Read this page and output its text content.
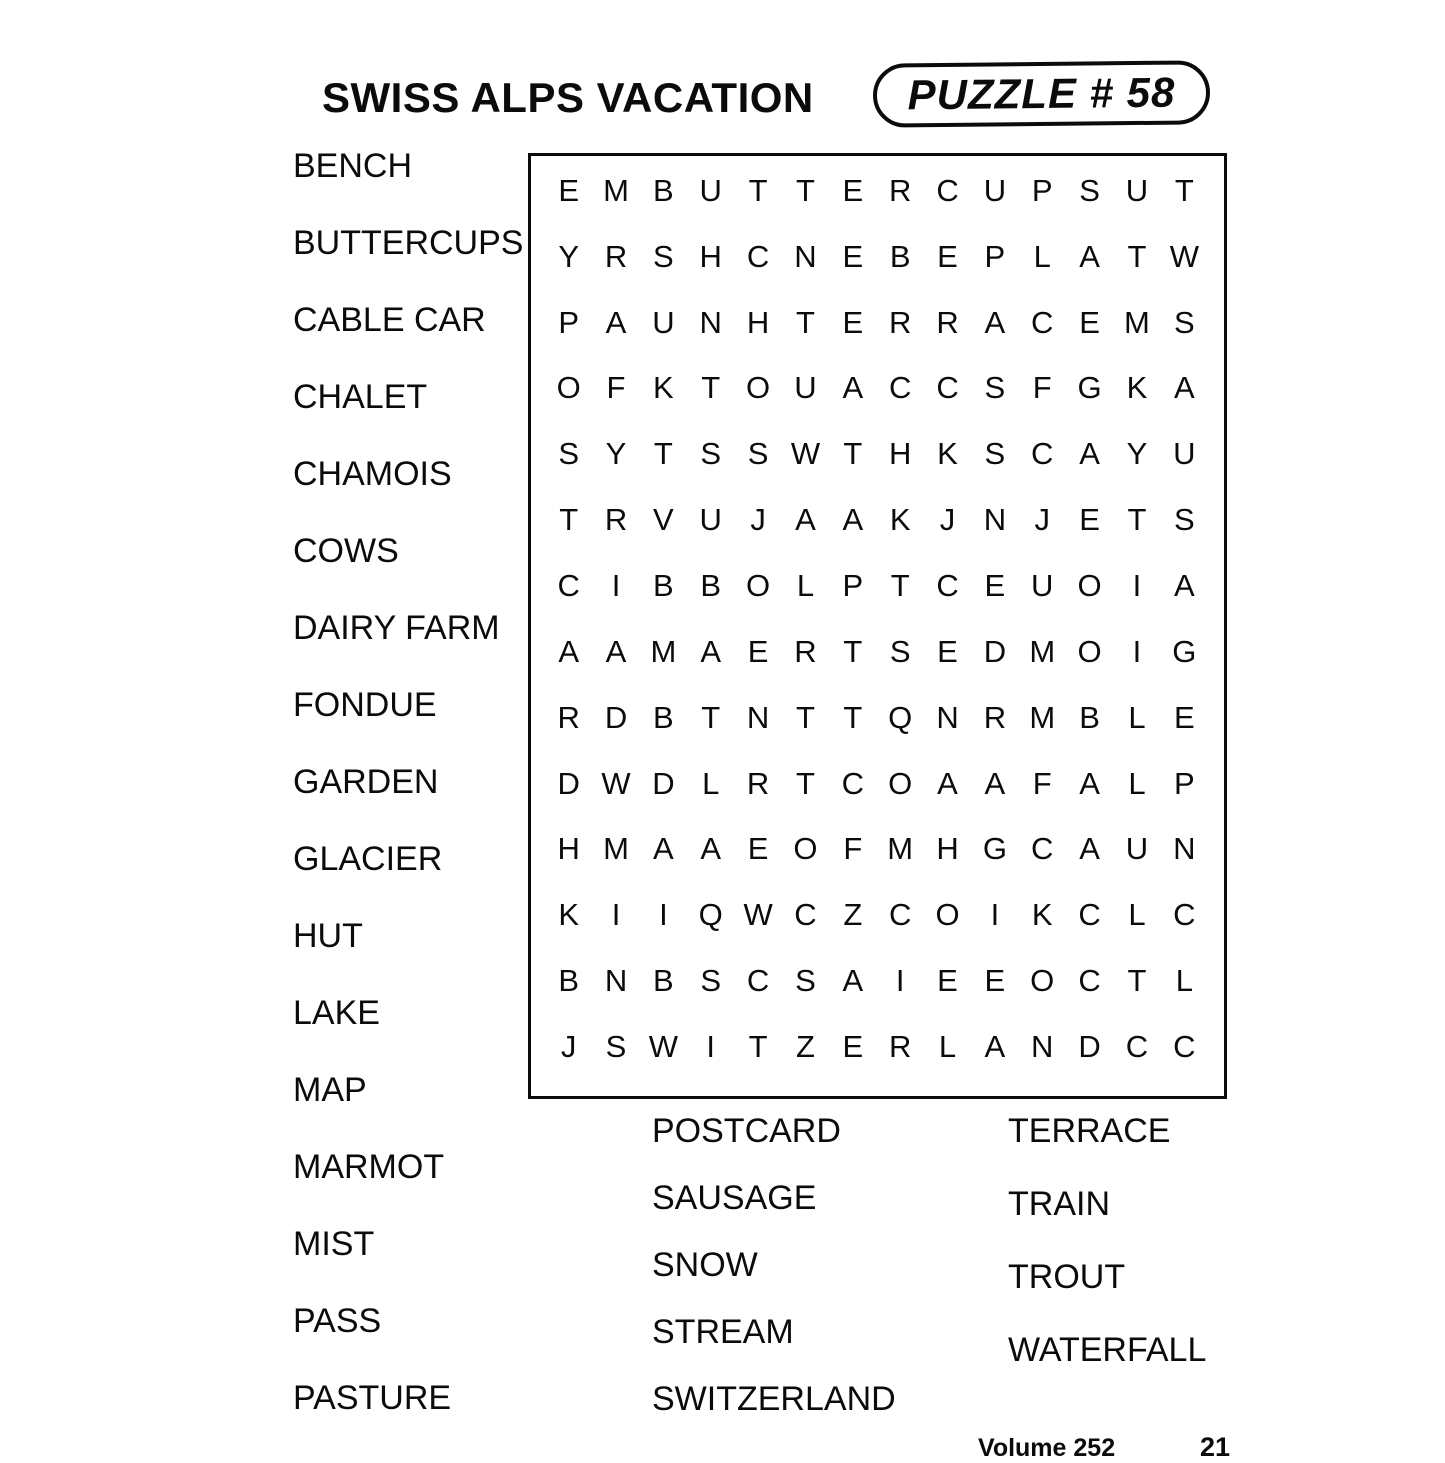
SWISS ALPS VACATION PUZZLE # 58
BENCH
BUTTERCUPS
CABLE CAR
CHALET
CHAMOIS
COWS
DAIRY FARM
FONDUE
GARDEN
GLACIER
HUT
LAKE
MAP
MARMOT
MIST
PASS
PASTURE
E M B U T T E R C U P S U T
Y R S H C N E B E P L A T W
P A U N H T E R R A C E M S
O F K T O U A C C S F G K A
S Y T S S W T H K S C A Y U
T R V U J A A K J N J E T S
C	I	B B O L P T C E U O I	A
A A M A E R T S E D M O I G
R D B T N T T Q N R M B L E
D W D L R T C O A A F A L P
H M A A E O F M H G C A U N
K	I	I Q W C Z C O I	K C L C
B N B S C S A	I	E E O C T L
J S W I	T Z E R L A N D C C
POSTCARD
SAUSAGE
SNOW
STREAM
SWITZERLAND
TERRACE
TRAIN
TROUT
WATERFALL
Volume 252	21
